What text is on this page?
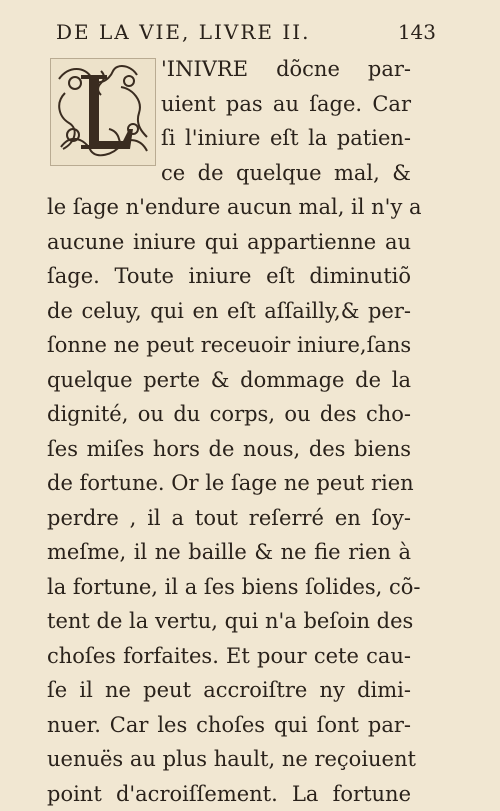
DE LA VIE, LIVRE II.	143
L
'INIVRE dõcne par-
uient pas au ſage. Car
ſi l'iniure eſt la patien-
ce de quelque mal, &
le ſage n'endure aucun mal, il n'y a
aucune iniure qui appartienne au
ſage. Toute iniure eſt diminutiõ
de celuy, qui en eſt aſſailly,& per-
ſonne ne peut receuoir iniure,ſans
quelque perte & dommage de la
dignité, ou du corps, ou des cho-
ſes miſes hors de nous, des biens
de fortune. Or le ſage ne peut rien
perdre , il a tout reſerré en ſoy-
meſme, il ne baille & ne fie rien à
la fortune, il a ſes biens ſolides, cõ-
tent de la vertu, qui n'a beſoin des
choſes forfaites. Et pour cete cau-
ſe il ne peut accroiſtre ny dimi-
nuer. Car les choſes qui ſont par-
uenuës au plus hault, ne reçoiuent
point d'acroiſſement. La fortune
